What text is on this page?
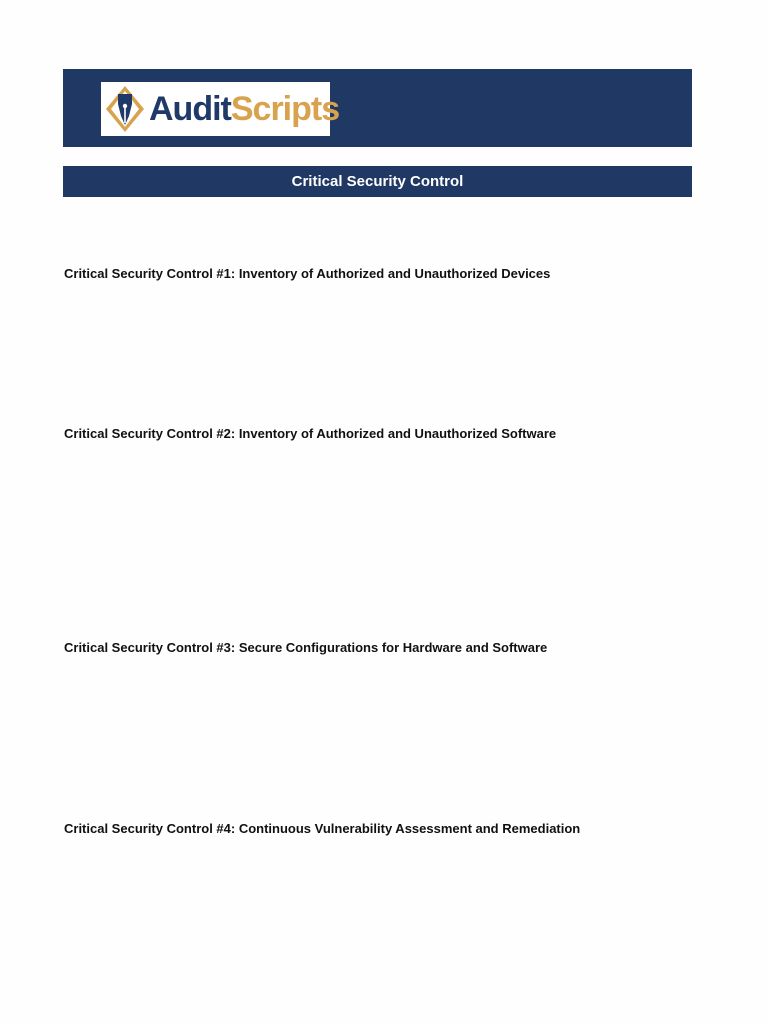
AuditScripts
Critical Security Control
Critical Security Control #1: Inventory of Authorized and Unauthorized Devices
Critical Security Control #2: Inventory of Authorized and Unauthorized Software
Critical Security Control #3: Secure Configurations for Hardware and Software
Critical Security Control #4: Continuous Vulnerability Assessment and Remediation
